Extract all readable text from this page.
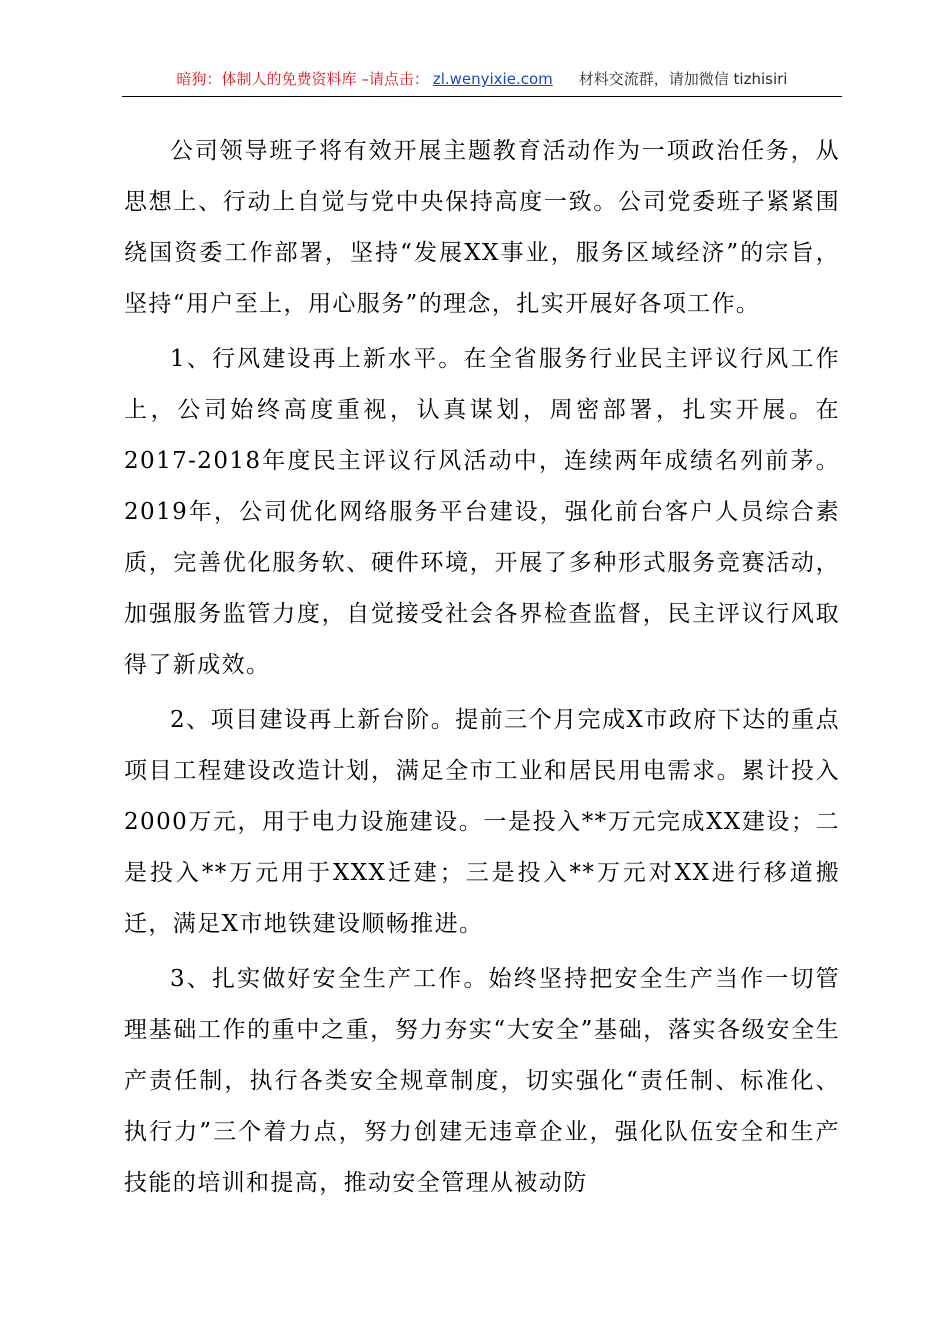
暗狗：体制人的免费资料库 –请点击： zl.wenyixie.com 材料交流群，请加微信 tizhisiri

公司领导班子将有效开展主题教育活动作为一项政治任务，从思想上、行动上自觉与党中央保持高度一致。公司党委班子紧紧围绕国资委工作部署，坚持“发展XX事业，服务区域经济”的宗旨，坚持“用户至上，用心服务”的理念，扎实开展好各项工作。

1、行风建设再上新水平。在全省服务行业民主评议行风工作上，公司始终高度重视，认真谋划，周密部署，扎实开展。在2017-2018年度民主评议行风活动中，连续两年成绩名列前茅。2019年，公司优化网络服务平台建设，强化前台客户人员综合素质，完善优化服务软、硬件环境，开展了多种形式服务竞赛活动，加强服务监管力度，自觉接受社会各界检查监督，民主评议行风取得了新成效。

2、项目建设再上新台阶。提前三个月完成X市政府下达的重点项目工程建设改造计划，满足全市工业和居民用电需求。累计投入2000万元，用于电力设施建设。一是投入**万元完成XX建设；二是投入**万元用于XXX迁建；三是投入**万元对XX进行移道搬迁，满足X市地铁建设顺畅推进。

3、扎实做好安全生产工作。始终坚持把安全生产当作一切管理基础工作的重中之重，努力夯实“大安全”基础，落实各级安全生产责任制，执行各类安全规章制度，切实强化“责任制、标准化、执行力”三个着力点，努力创建无违章企业，强化队伍安全和生产技能的培训和提高，推动安全管理从被动防
